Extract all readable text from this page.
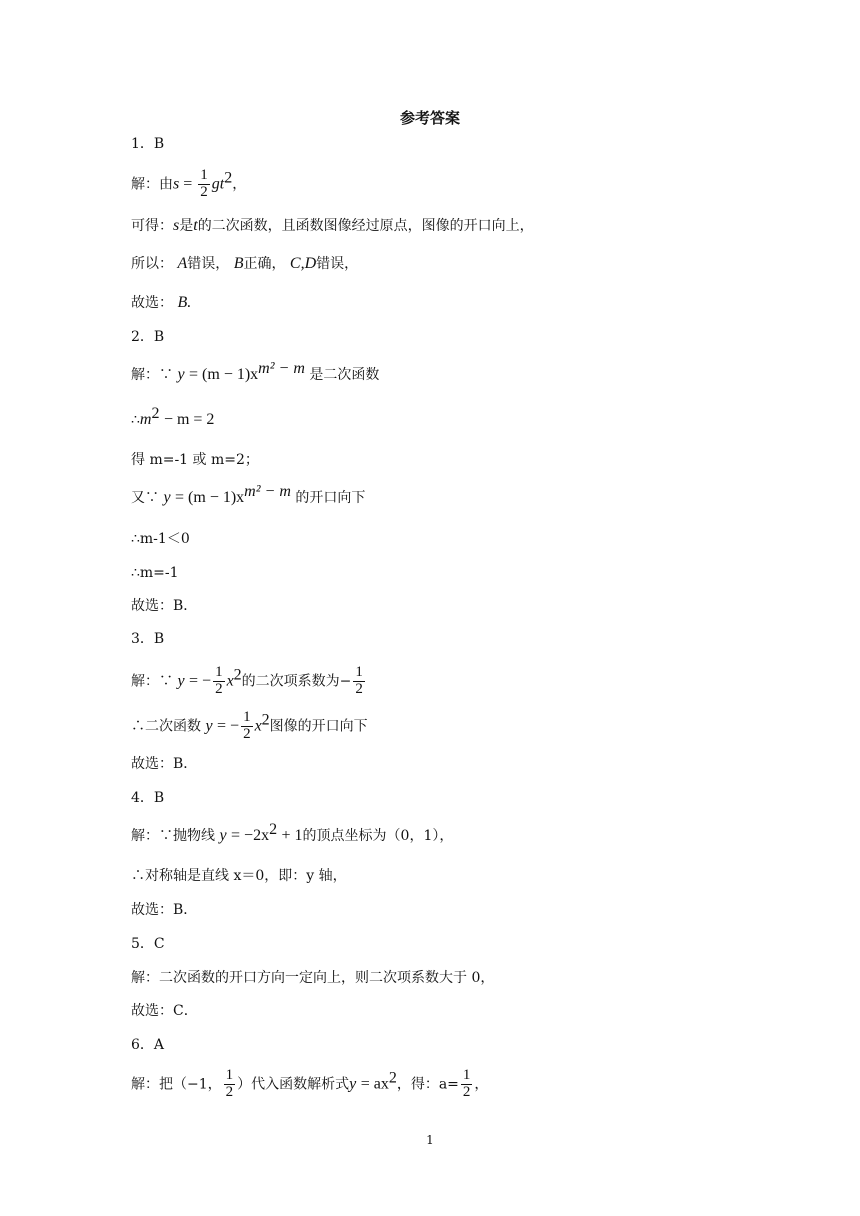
参考答案
1．B
解：由$s = \frac{1}{2} gt^2$，
可得：s是t的二次函数，且函数图像经过原点，图像的开口向上，
所以： A错误， B正确， C,D错误，
故选： B.
2．B
解：∵ $y = (m - 1)x^{m^2 - m}$ 是二次函数
$\therefore m^2 - m = 2$
得 m=-1 或 m=2；
又∵ $y = (m - 1)x^{m^2 - m}$ 的开口向下
∴m-1＜0
∴m=-1
故选：B．
3．B
解：∵ y = − $\frac{1}{2} x^2$的二次项系数为− $\frac{1}{2}$
∴二次函数 y = − $\frac{1}{2} x^2$图像的开口向下
故选：B．
4．B
解：∵抛物线 $y = -2x^2 + 1$的顶点坐标为（0，1），
∴对称轴是直线 x＝0，即：y 轴，
故选：B．
5．C
解：二次函数的开口方向一定向上，则二次项系数大于 0，
故选：C．
6．A
解：把（−1， $\frac{1}{2}$ ）代入函数解析式$y = ax^2$，得：$a= \frac{1}{2}$ ，
1
